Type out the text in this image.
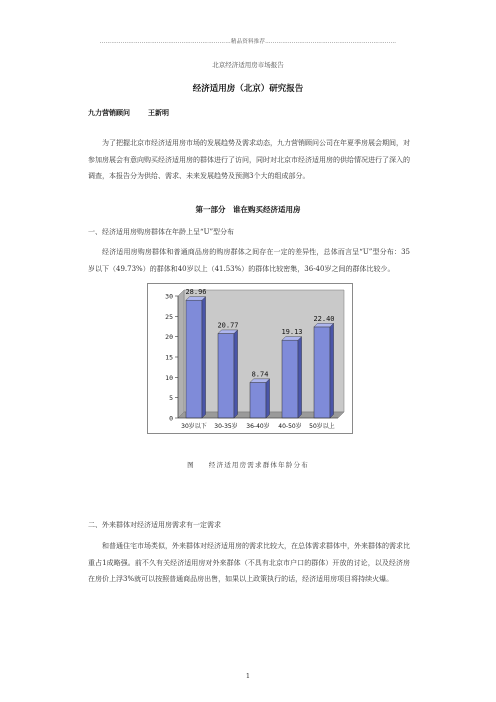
……………………………………………………………精品资料推荐……………………………………………………………
北京经济适用房市场报告
经济适用房（北京）研究报告
九力营销顾问	王新明
为了把握北京市经济适用房市场的发展趋势及需求动态，九力营销顾问公司在年夏季房展会期间，对参加房展会有意向购买经济适用房的群体进行了访问，同时对北京市经济适用房的供给情况进行了深入的调查，本报告分为供给、需求、未来发展趋势及预测3个大的组成部分。
第一部分　谁在购买经济适用房
一、经济适用房购房群体在年龄上呈“U”型分布
经济适用房购房群体和普通商品房的购房群体之间存在一定的差异性，总体而言呈“U”型分布：35岁以下（49.73%）的群体和40岁以上（41.53%）的群体比较密集，36-40岁之间的群体比较少。
0
5
10
15
20
25
30
28.96
30岁以下
20.77
30-35岁
8.74
36-40岁
19.13
40-50岁
22.40
50岁以上
图 经济适用房需求群体年龄分布
二、外来群体对经济适用房需求有一定需求
和普通住宅市场类似，外来群体对经济适用房的需求比较大，在总体需求群体中，外来群体的需求比重占1成略强。前不久有关经济适用房对外来群体（不具有北京市户口的群体）开放的讨论，以及经济房在房价上浮3%就可以按照普通商品房出售，如果以上政策执行的话，经济适用房项目将持续火爆。
1
